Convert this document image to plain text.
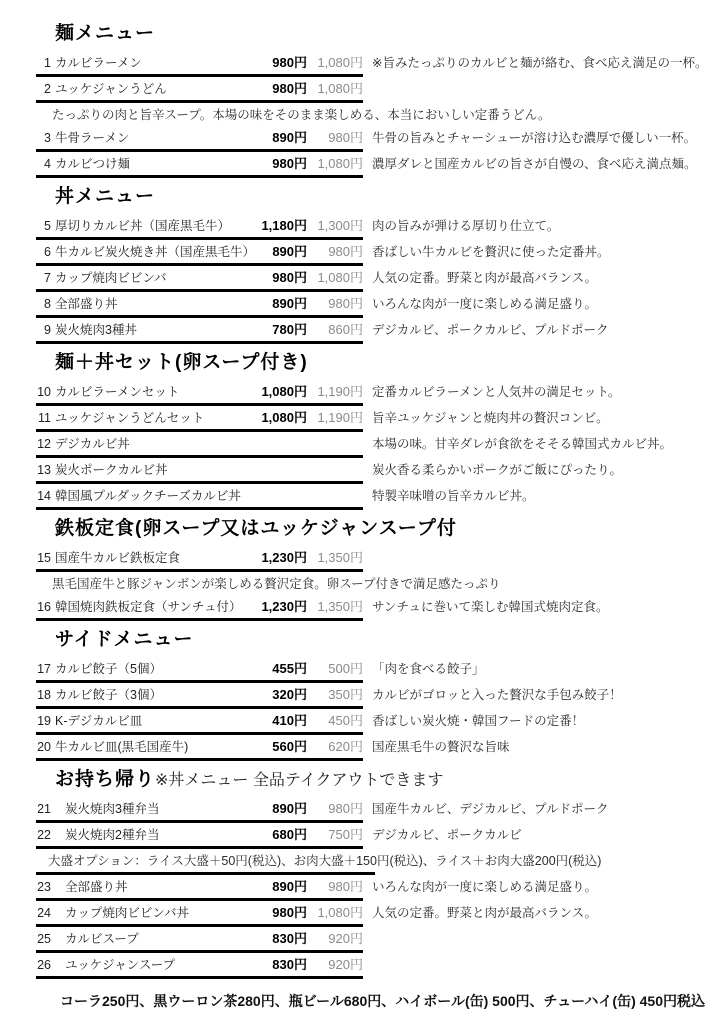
麺メニュー
1 カルビラーメン	980円 1,080円 ※旨みたっぷりのカルビと麺が絡む、食べ応え満足の一杯。
2 ユッケジャンうどん	980円 1,080円
たっぷりの肉と旨辛スープ。本場の味をそのまま楽しめる、本当においしい定番うどん。
3 牛骨ラーメン	890円	980円 牛骨の旨みとチャーシューが溶け込む濃厚で優しい一杯。
4 カルビつけ麺	980円 1,080円 濃厚ダレと国産カルビの旨さが自慢の、食べ応え満点麺。
丼メニュー
5 厚切りカルビ丼（国産黒毛牛）	1,180円 1,300円 肉の旨みが弾ける厚切り仕立て。
6 牛カルビ炭火焼き丼（国産黒毛牛）	890円	980円 香ばしい牛カルビを贅沢に使った定番丼。
7 カップ焼肉ビビンバ	980円 1,080円 人気の定番。野菜と肉が最高バランス。
8 全部盛り丼	890円	980円 いろんな肉が一度に楽しめる満足盛り。
9 炭火焼肉3種丼	780円	860円 デジカルビ、ポークカルビ、プルドポーク
麺＋丼セット(卵スープ付き)
10 カルビラーメンセット	1,080円 1,190円 定番カルビラーメンと人気丼の満足セット。
11 ユッケジャンうどんセット	1,080円 1,190円 旨辛ユッケジャンと焼肉丼の贅沢コンビ。
12 デジカルビ丼	本場の味。甘辛ダレが食欲をそそる韓国式カルビ丼。
13 炭火ポークカルビ丼	炭火香る柔らかいポークがご飯にぴったり。
14 韓国風プルダックチーズカルビ丼	特製辛味噌の旨辛カルビ丼。
鉄板定食(卵スープ又はユッケジャンスープ付
15 国産牛カルビ鉄板定食	1,230円 1,350円
黒毛国産牛と豚ジャンボンが楽しめる贅沢定食。卵スープ付きで満足感たっぷり
16 韓国焼肉鉄板定食（サンチュ付）	1,230円 1,350円 サンチュに巻いて楽しむ韓国式焼肉定食。
サイドメニュー
17 カルビ餃子（5個）	455円	500円 「肉を食べる餃子」
18 カルビ餃子（3個）	320円	350円 カルビがゴロッと入った贅沢な手包み餃子！
19 K-デジカルビ皿	410円	450円 香ばしい炭火焼・韓国フードの定番！
20 牛カルビ皿(黒毛国産牛)	560円	620円 国産黒毛牛の贅沢な旨味
お持ち帰り※丼メニュー 全品テイクアウトできます
21 炭火焼肉3種弁当	890円	980円 国産牛カルビ、デジカルビ、プルドポーク
22 炭火焼肉2種弁当	680円	750円 デジカルビ、ポークカルビ
大盛オプション：ライス大盛＋50円(税込)、お肉大盛＋150円(税込)、ライス＋お肉大盛200円(税込)
23 全部盛り丼	890円	980円 いろんな肉が一度に楽しめる満足盛り。
24 カップ焼肉ビビンバ丼	980円 1,080円 人気の定番。野菜と肉が最高バランス。
25 カルビスープ	830円	920円
26 ユッケジャンスープ	830円	920円
コーラ250円、黒ウーロン茶280円、瓶ビール680円、ハイボール(缶) 500円、チューハイ(缶) 450円税込
